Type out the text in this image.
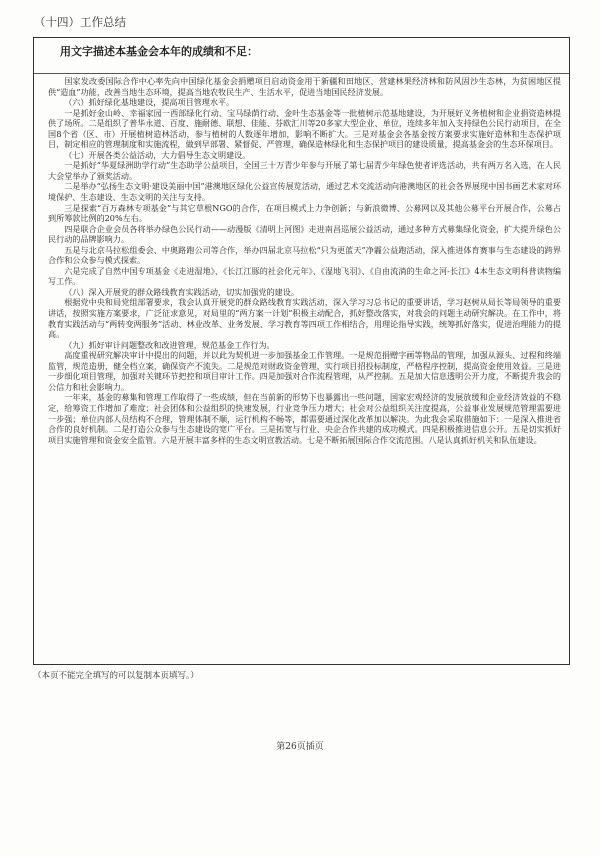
（十四）工作总结
用文字描述本基金会本年的成绩和不足：

国家发改委国际合作中心率先向中国绿化基金会捐赠项目启动资金用于新疆和田地区，营建林果经济林和防风固沙生态林，为贫困地区提供“造血”功能，改善当地生态环境，提高当地农牧民生产、生活水平，促进当地国民经济发展。

（六）抓好绿化基地建设，提高项目管理水平。

一是抓好金山岭、幸福家园一西部绿化行动、宝马绿荫行动、金叶生态基金等一批植树示范基地建设，为开展好义务植树和企业捐资造林提供了场所。二是组织了普华永道、百度、施耐德、联想、佳能、芬欧汇川等20多家大型企业、单位，连续多年加入支持绿色公民行动项目，在全国8个省（区、市）开展植树造林活动，参与植树的人数逐年增加，影响不断扩大。三是对基金会各基金按方案要求实施好造林和生态保护项目，制定相应的管理制度和实施流程，做到早部署、紧督促、严管理，确保造林绿化和生态保护项目的建设质量，提高基金会的生态环保项目。

（七）开展各类公益活动，大力倡导生态文明建设。

一是抓好“华夏绿洲助学行动”生态助学公益项目，全国三十万青少年参与开展了第七届青少年绿色使者评选活动，共有两万名入选，在人民大会堂举办了颁奖活动。

二是举办“弘扬生态文明·建设美丽中国”港澳地区绿化公益宣传展览活动，通过艺术交流活动向港澳地区的社会各界展现中国书画艺术家对环境保护、生态建设、生态文明的关注与支持。

三是探索“百万森林专项基金”与其它草根NGO的合作，在项目模式上力争创新；与新浪微博、公募网以及其他公募平台开展合作，公募占到所筹款比例的20%左右。

四是联合企业会员各将举办绿色公民行动——动漫版《清明上河图》走进南昌巡展公益活动，通过多种方式募集绿化资金，扩大提升绿色公民行动的品牌影响力。

五是与北京马拉松组委会、中奥路跑公司等合作，举办四届北京马拉松“只为更蓝天”净霾公益跑活动，深入推进体育赛事与生态建设的跨界合作和公众参与模式探索。

六是完成了自然中国专项基金《走进湿地》、《长江江豚的社会化元年》、《湿地飞羽》、《自由流淌的生命之河-长江》4本生态文明科普读物编写工作。

（八）深入开展党的群众路线教育实践活动，切实加强党的建设。

根据党中央和局党组部署要求，我会认真开展党的群众路线教育实践活动，深入学习习总书记的重要讲话，学习赵树从局长等局领导的重要讲话，按照实施方案要求，广泛征求意见，对局里的“两方案一计划”积极主动配合，抓好整改落实，对我会的问题主动研究解决。在工作中，将教育实践活动与“两转变两服务”活动、林业改革、业务发展、学习教育等四项工作相结合，用理论指导实践，统筹抓好落实，促进治理能力的提高。

（九）抓好审计问题整改和改进管理，规范基金工作行为。

高度重视研究解决审计中提出的问题，并以此为契机进一步加强基金工作管理。一是规范捐赠字画等物品的管理，加强从源头、过程和终端监管，规范造册，健全档立案，确保资产不流失。二是规范对财政资金管理，实行项目招投标制度，严格程序控制，提高资金使用效益。三是进一步细化项目管理，加强对关键环节把控和项目审计工作。四是加强对合作流程管理，从严控制。五是加大信息透明公开力度，不断提升我会的公信力和社会影响力。

一年来，基金的募集和管理工作取得了一些成绩，但在当前新的形势下也暴露出一些问题，国家宏观经济的发展放缓和企业经济效益的不稳定，给筹资工作增加了难度；社会团体和公益组织的快速发展，行业竞争压力增大；社会对公益组织关注度提高，公益事业发展规范管理需要进一步强；单位内部人员结构不合理，管理体制不顺，运行机构不畅等，都需要通过深化改革加以解决。为此我会采取措施如下：一是深入推进省合作的良好机制。二是打造公众参与生态建设的宽广平台。三是拓宽与行业、央企合作共建的成功模式。四是积极推进信息公开。五是切实抓好项目实施管理和资金安全监管。六是开展丰富多样的生态文明宣教活动。七是不断拓展国际合作交流范围。八是认真抓好机关和队伍建设。

（本页不能完全填写的可以复制本页填写。）
第26页插页
